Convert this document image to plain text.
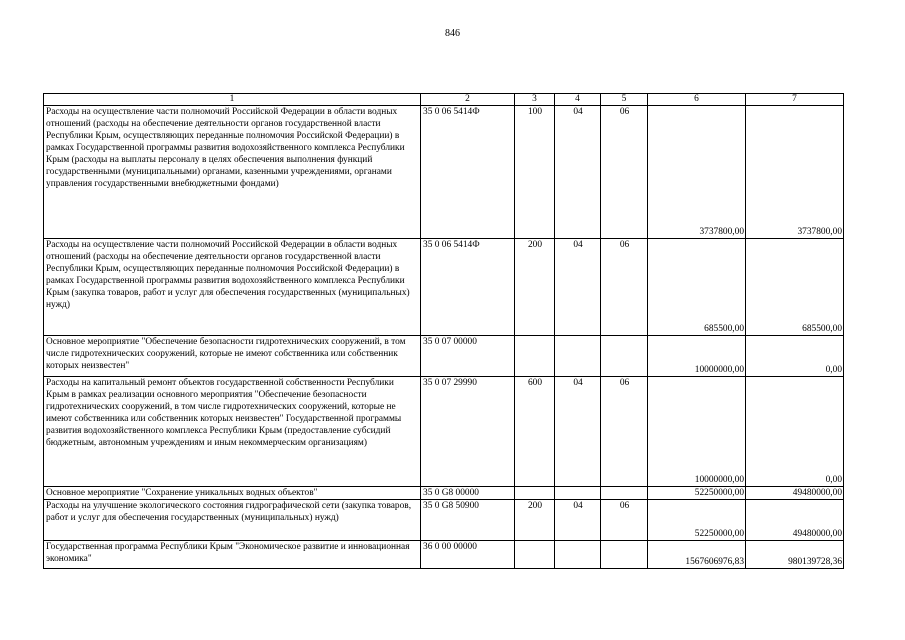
846
1	2	3	4	5	6	7
Расходы на осуществление части полномочий Российской Федерации в области водных отношений (расходы на обеспечение деятельности органов государственной власти Республики Крым, осуществляющих переданные полномочия Российской Федерации) в рамках Государственной программы развития водохозяйственного комплекса Республики Крым (расходы на выплаты персоналу в целях обеспечения выполнения функций государственными (муниципальными) органами, казенными учреждениями, органами управления государственными внебюджетными фондами)	35 0 06 5414Ф	100	04	06	3737800,00	3737800,00
Расходы на осуществление части полномочий Российской Федерации в области водных отношений (расходы на обеспечение деятельности органов государственной власти Республики Крым, осуществляющих переданные полномочия Российской Федерации) в рамках Государственной программы развития водохозяйственного комплекса Республики Крым (закупка товаров, работ и услуг для обеспечения государственных (муниципальных) нужд)	35 0 06 5414Ф	200	04	06	685500,00	685500,00
Основное мероприятие "Обеспечение безопасности гидротехнических сооружений, в том числе гидротехнических сооружений, которые не имеют собственника или собственник которых неизвестен"	35 0 07 00000				10000000,00	0,00
Расходы на капитальный ремонт объектов государственной собственности Республики Крым в рамках реализации основного мероприятия "Обеспечение безопасности гидротехнических сооружений, в том числе гидротехнических сооружений, которые не имеют собственника или собственник которых неизвестен" Государственной программы развития водохозяйственного комплекса Республики Крым (предоставление субсидий бюджетным, автономным учреждениям и иным некоммерческим организациям)	35 0 07 29990	600	04	06	10000000,00	0,00
Основное мероприятие "Сохранение уникальных водных объектов"	35 0 G8 00000				52250000,00	49480000,00
Расходы на улучшение экологического состояния гидрографической сети (закупка товаров, работ и услуг для обеспечения государственных (муниципальных) нужд)	35 0 G8 50900	200	04	06	52250000,00	49480000,00
Государственная программа Республики Крым "Экономическое развитие и инновационная экономика"	36 0 00 00000				1567606976,83	980139728,36
